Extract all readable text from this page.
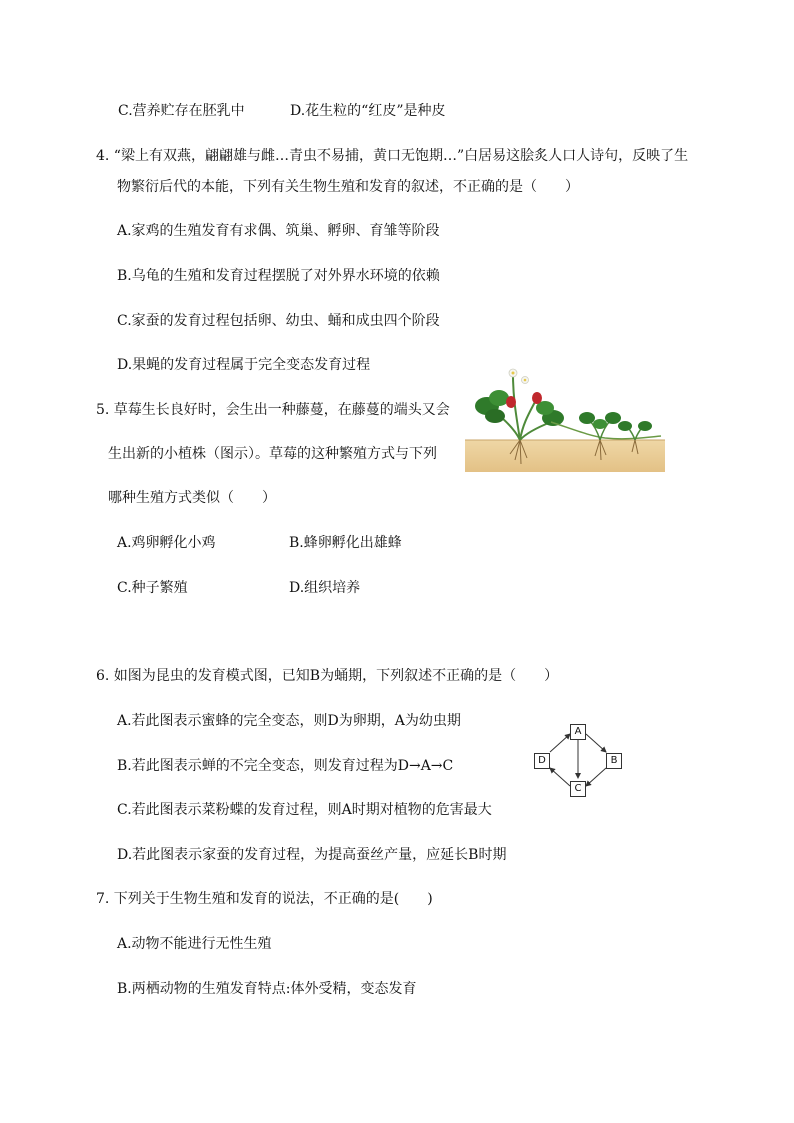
C.营养贮存在胚乳中	D.花生粒的“红皮”是种皮
4. “梁上有双燕，翩翩雄与雌…青虫不易捕，黄口无饱期…”白居易这脍炙人口人诗句，反映了生
物繁衍后代的本能，下列有关生物生殖和发育的叙述，不正确的是（　　）
A.家鸡的生殖发育有求偶、筑巢、孵卵、育雏等阶段
B.乌龟的生殖和发育过程摆脱了对外界水环境的依赖
C.家蚕的发育过程包括卵、幼虫、蛹和成虫四个阶段
D.果蝇的发育过程属于完全变态发育过程
5. 草莓生长良好时，会生出一种藤蔓，在藤蔓的端头又会
生出新的小植株（图示）。草莓的这种繁殖方式与下列
哪种生殖方式类似（　　）
A.鸡卵孵化小鸡	B.蜂卵孵化出雄蜂
C.种子繁殖	D.组织培养
6. 如图为昆虫的发育模式图，已知B为蛹期，下列叙述不正确的是（　　）
A.若此图表示蜜蜂的完全变态，则D为卵期，A为幼虫期
B.若此图表示蝉的不完全变态，则发育过程为D→A→C
C.若此图表示菜粉蝶的发育过程，则A时期对植物的危害最大
D.若此图表示家蚕的发育过程，为提高蚕丝产量，应延长B时期
A
B
C
D
7. 下列关于生物生殖和发育的说法，不正确的是(　　)
A.动物不能进行无性生殖
B.两栖动物的生殖发育特点:体外受精，变态发育
